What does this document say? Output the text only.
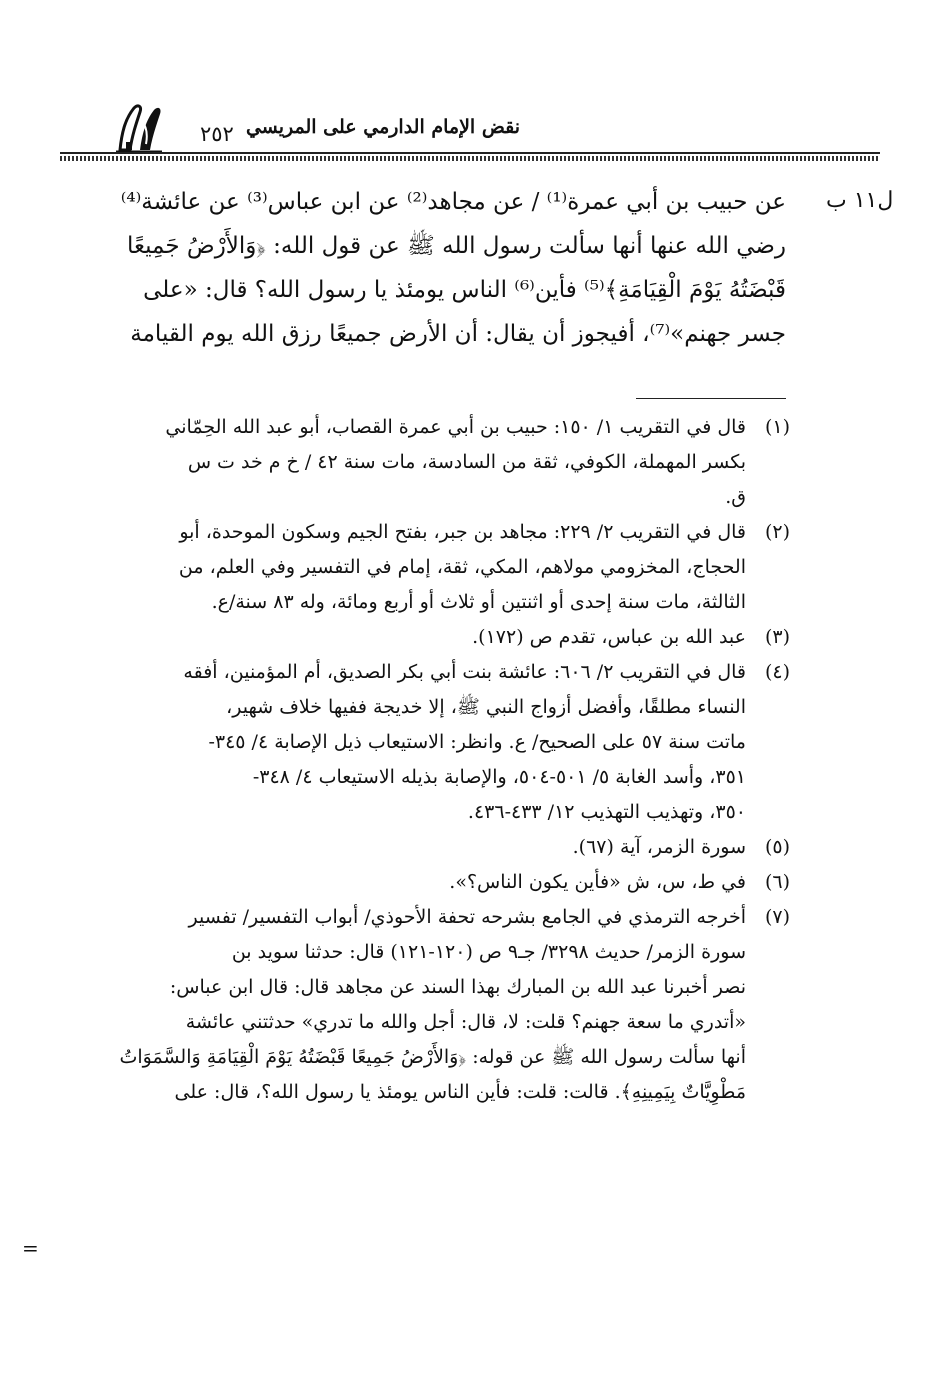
نقض الإمام الدارمي على المريسي
٢٥٢
ل١١ ب
عن حبيب بن أبي عمرة⁽¹⁾ / عن مجاهد⁽²⁾ عن ابن عباس⁽³⁾ عن عائشة⁽⁴⁾
رضي الله عنها أنها سألت رسول الله ﷺ عن قول الله: ﴿وَالأَرْضُ جَمِيعًا
قَبْضَتُهُ يَوْمَ الْقِيَامَةِ﴾⁽⁵⁾ فأين⁽⁶⁾ الناس يومئذ يا رسول الله؟ قال: «على
جسر جهنم»⁽⁷⁾، أفيجوز أن يقال: أن الأرض جميعًا رزق الله يوم القيامة
(١)
قال في التقريب ١/ ١٥٠: حبيب بن أبي عمرة القصاب، أبو عبد الله الحِمّاني
بكسر المهملة، الكوفي، ثقة من السادسة، مات سنة ٤٢ / خ م خد ت س
ق.
(٢)
قال في التقريب ٢/ ٢٢٩: مجاهد بن جبر، بفتح الجيم وسكون الموحدة، أبو
الحجاج، المخزومي مولاهم، المكي، ثقة، إمام في التفسير وفي العلم، من
الثالثة، مات سنة إحدى أو اثنتين أو ثلاث أو أربع ومائة، وله ٨٣ سنة/ع.
(٣)
عبد الله بن عباس، تقدم ص (١٧٢).
(٤)
قال في التقريب ٢/ ٦٠٦: عائشة بنت أبي بكر الصديق، أم المؤمنين، أفقه
النساء مطلقًا، وأفضل أزواج النبي ﷺ، إلا خديجة ففيها خلاف شهير،
ماتت سنة ٥٧ على الصحيح/ ع. وانظر: الاستيعاب ذيل الإصابة ٤/ ٣٤٥-
٣٥١، وأسد الغابة ٥/ ٥٠١-٥٠٤، والإصابة بذيله الاستيعاب ٤/ ٣٤٨-
٣٥٠، وتهذيب التهذيب ١٢/ ٤٣٣-٤٣٦.
(٥)
سورة الزمر، آية (٦٧).
(٦)
في ط، س، ش «فأين يكون الناس؟».
(٧)
أخرجه الترمذي في الجامع بشرحه تحفة الأحوذي/ أبواب التفسير/ تفسير
سورة الزمر/ حديث ٣٢٩٨/ جـ٩ ص (١٢٠-١٢١) قال: حدثنا سويد بن
نصر أخبرنا عبد الله بن المبارك بهذا السند عن مجاهد قال: قال ابن عباس:
«أتدري ما سعة جهنم؟ قلت: لا، قال: أجل والله ما تدري» حدثتني عائشة
أنها سألت رسول الله ﷺ عن قوله: ﴿وَالأَرْضُ جَمِيعًا قَبْضَتُهُ يَوْمَ الْقِيَامَةِ وَالسَّمَوَاتُ
مَطْوِيَّاتٌ بِيَمِينِهِ﴾. قالت: قلت: فأين الناس يومئذ يا رسول الله؟، قال: على
=
